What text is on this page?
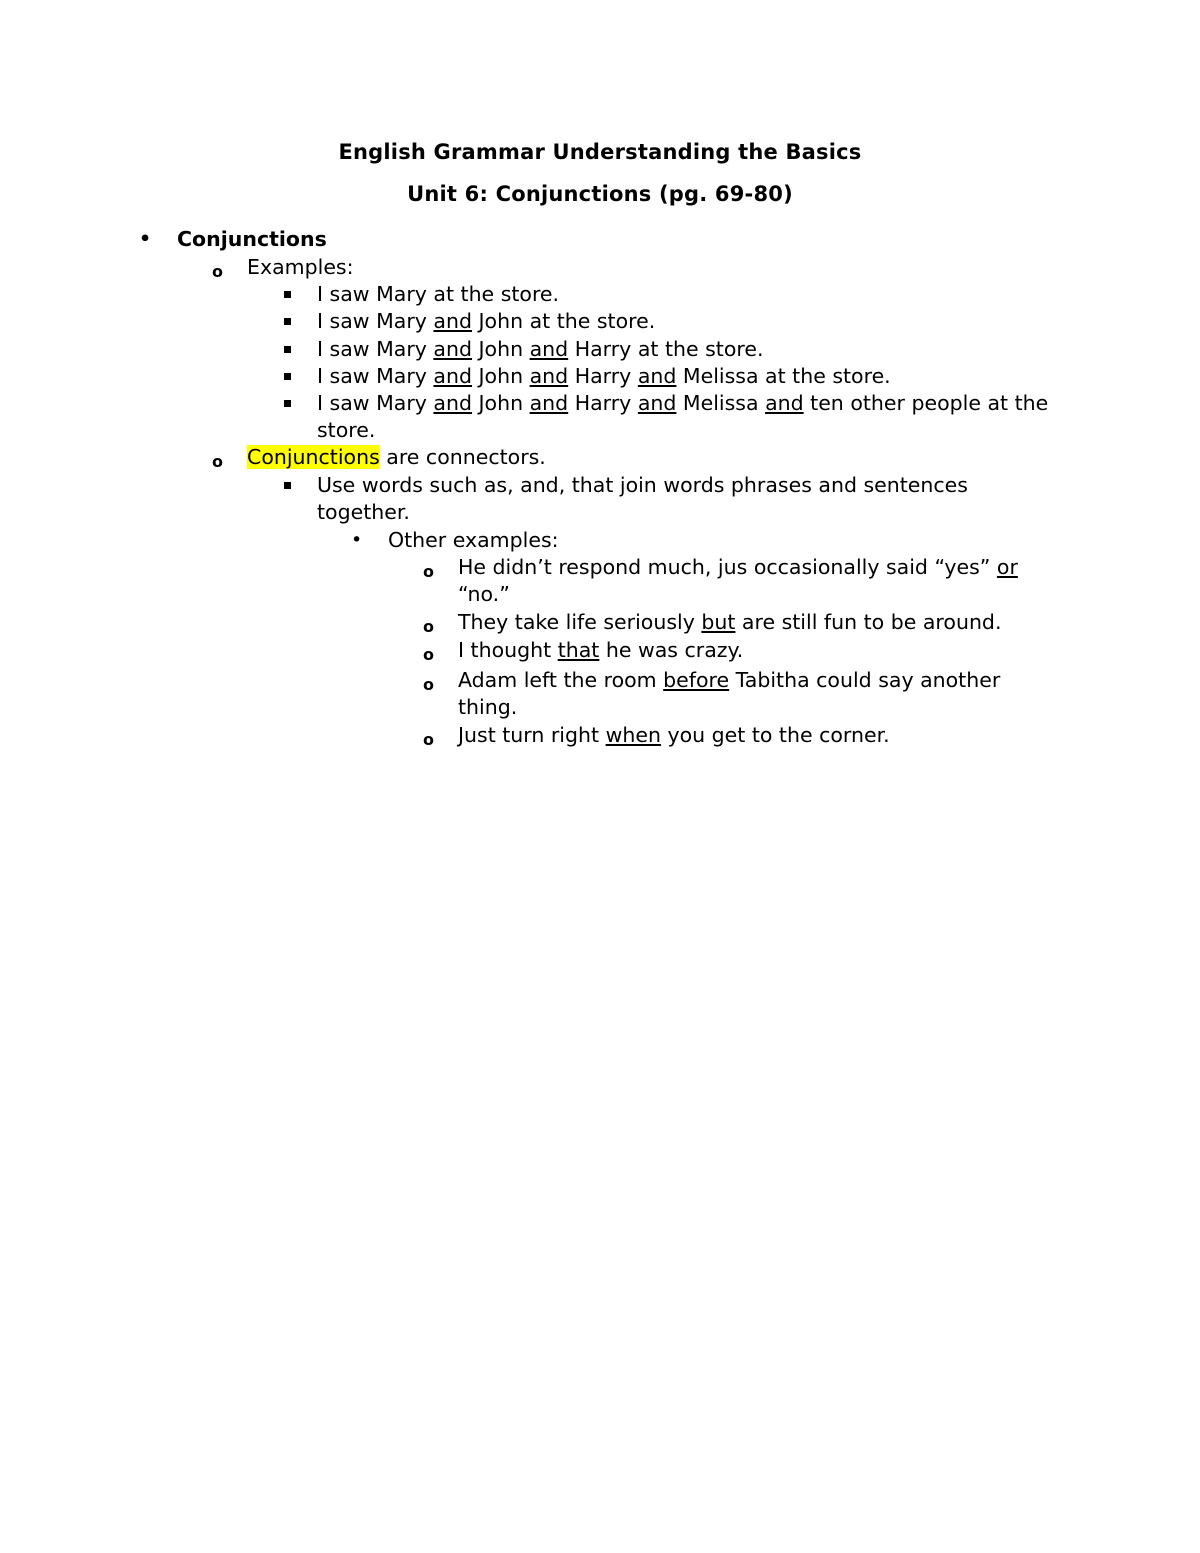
English Grammar Understanding the Basics
Unit 6: Conjunctions (pg. 69-80)
• Conjunctions
o Examples:
I saw Mary at the store.
I saw Mary and John at the store.
I saw Mary and John and Harry at the store.
I saw Mary and John and Harry and Melissa at the store.
I saw Mary and John and Harry and Melissa and ten other people at the store.
o Conjunctions are connectors.
Use words such as, and, that join words phrases and sentences together.
• Other examples:
o He didn’t respond much, jus occasionally said “yes” or “no.”
o They take life seriously but are still fun to be around.
o I thought that he was crazy.
o Adam left the room before Tabitha could say another thing.
o Just turn right when you get to the corner.
